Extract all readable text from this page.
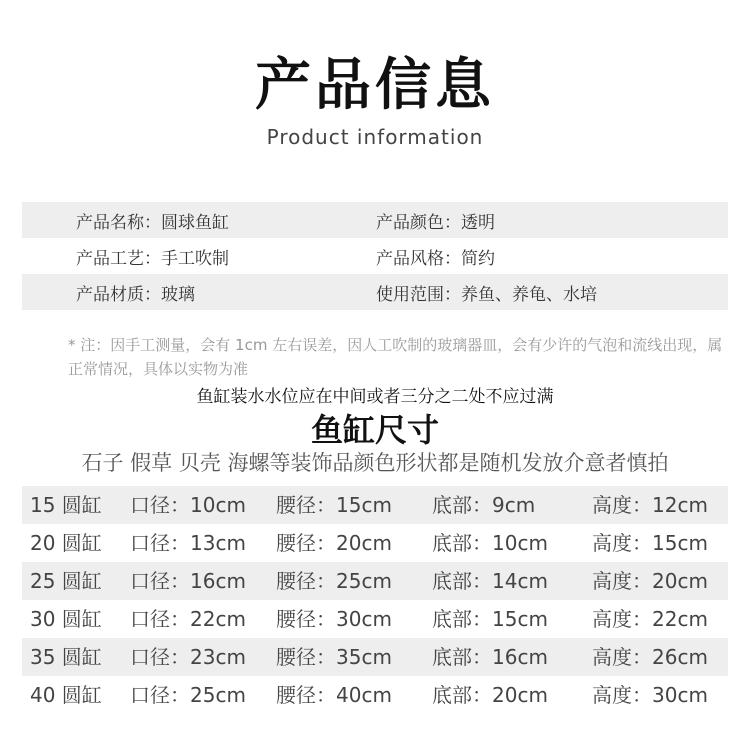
产品信息
Product information
产品名称：圆球鱼缸	产品颜色：透明
产品工艺：手工吹制	产品风格：简约
产品材质：玻璃	使用范围：养鱼、养龟、水培
* 注：因手工测量，会有 1cm 左右误差，因人工吹制的玻璃器皿，会有少许的气泡和流线出现，属正常情况，具体以实物为准
鱼缸装水水位应在中间或者三分之二处不应过满
鱼缸尺寸
石子 假草 贝壳 海螺等装饰品颜色形状都是随机发放介意者慎拍
15 圆缸 口径：10cm 腰径：15cm 底部：9cm	高度：12cm
20 圆缸 口径：13cm 腰径：20cm 底部：10cm 高度：15cm
25 圆缸 口径：16cm 腰径：25cm 底部：14cm 高度：20cm
30 圆缸 口径：22cm 腰径：30cm 底部：15cm 高度：22cm
35 圆缸 口径：23cm 腰径：35cm 底部：16cm 高度：26cm
40 圆缸 口径：25cm 腰径：40cm 底部：20cm 高度：30cm
